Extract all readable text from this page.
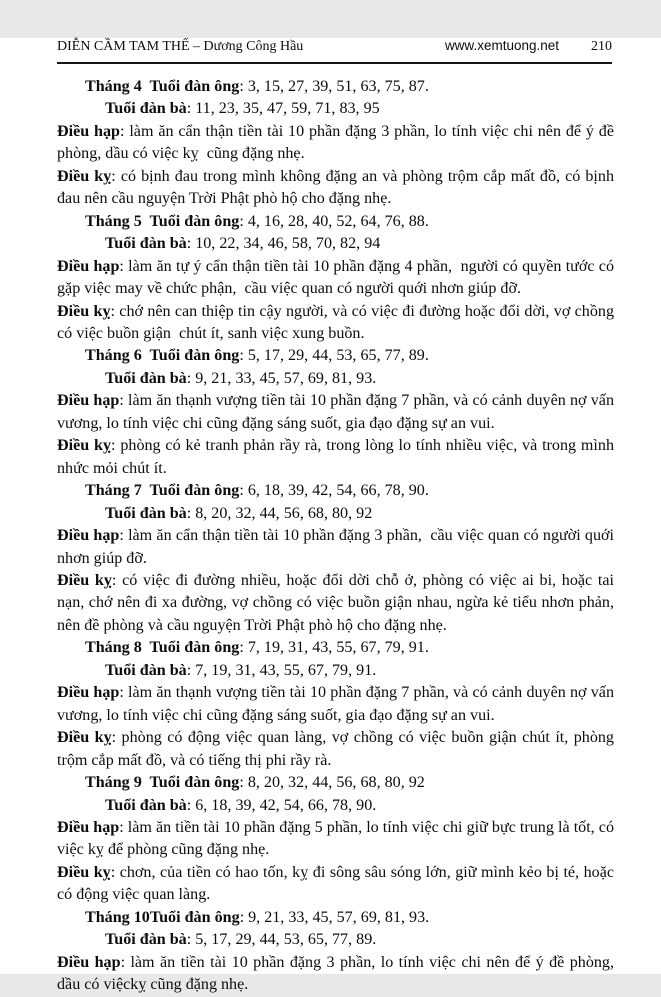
DIỄN CẦM TAM THẾ – Dương Công Hầu	www.xemtuong.net 210
Tháng 4  Tuổi đàn ông: 3, 15, 27, 39, 51, 63, 75, 87.
Tuổi đàn bà: 11, 23, 35, 47, 59, 71, 83, 95

Điều hạp: làm ăn cẩn thận tiền tài 10 phần đặng 3 phần, lo tính việc chi nên để ý đề phòng, dầu có việc kỵ  cũng đặng nhẹ.

Điều kỵ: có bịnh đau trong mình không đặng an và phòng trộm cắp mất đồ, có bịnh đau nên cầu nguyện Trời Phật phò hộ cho đặng nhẹ.

Tháng 5  Tuổi đàn ông: 4, 16, 28, 40, 52, 64, 76, 88.
Tuổi đàn bà: 10, 22, 34, 46, 58, 70, 82, 94

Điều hạp: làm ăn tự ý cẩn thận tiền tài 10 phần đặng 4 phần,  người có quyền tước có gặp việc may về chức phận,  cầu việc quan có người quới nhơn giúp đỡ.

Điều kỵ: chớ nên can thiệp tin cậy người, và có việc đi đường hoặc đổi dời, vợ chồng có việc buồn giận  chút ít, sanh việc xung buồn.

Tháng 6  Tuổi đàn ông: 5, 17, 29, 44, 53, 65, 77, 89.
Tuổi đàn bà: 9, 21, 33, 45, 57, 69, 81, 93.

Điều hạp: làm ăn thạnh vượng tiền tài 10 phần đặng 7 phần, và có cảnh duyên nợ vấn vương, lo tính việc chi cũng đặng sáng suốt, gia đạo đặng sự an vui.

Điều kỵ: phòng có kẻ tranh phản rầy rà, trong lòng lo tính nhiều việc, và trong mình nhức mỏi chút ít.

Tháng 7  Tuổi đàn ông: 6, 18, 39, 42, 54, 66, 78, 90.
Tuổi đàn bà: 8, 20, 32, 44, 56, 68, 80, 92

Điều hạp: làm ăn cẩn thận tiền tài 10 phần đặng 3 phần,  cầu việc quan có người quới nhơn giúp đỡ.

Điều kỵ: có việc đi đường nhiều, hoặc đổi dời chỗ ở, phòng có việc ai bi, hoặc tai nạn, chớ nên đi xa đường, vợ chồng có việc buồn giận nhau, ngừa kẻ tiểu nhơn phản, nên đề phòng và cầu nguyện Trời Phật phò hộ cho đặng nhẹ.

Tháng 8  Tuổi đàn ông: 7, 19, 31, 43, 55, 67, 79, 91.
Tuổi đàn bà: 7, 19, 31, 43, 55, 67, 79, 91.

Điều hạp: làm ăn thạnh vượng tiền tài 10 phần đặng 7 phần, và có cảnh duyên nợ vấn vương, lo tính việc chi cũng đặng sáng suốt, gia đạo đặng sự an vui.

Điều kỵ: phòng có động việc quan làng, vợ chồng có việc buồn giận chút ít, phòng trộm cắp mất đồ, và có tiếng thị phi rầy rà.

Tháng 9  Tuổi đàn ông: 8, 20, 32, 44, 56, 68, 80, 92
Tuổi đàn bà: 6, 18, 39, 42, 54, 66, 78, 90.

Điều hạp: làm ăn tiền tài 10 phần đặng 5 phần, lo tính việc chi giữ bực trung là tốt, có việc kỵ để phòng cũng đặng nhẹ.

Điều kỵ: chơn, của tiền có hao tốn, kỵ đi sông sâu sóng lớn, giữ mình kẻo bị té, hoặc có động việc quan làng.

Tháng 10Tuổi đàn ông: 9, 21, 33, 45, 57, 69, 81, 93.
Tuổi đàn bà: 5, 17, 29, 44, 53, 65, 77, 89.

Điều hạp: làm ăn tiền tài 10 phần đặng 3 phần, lo tính việc chi nên để ý đề phòng, dầu có việckỵ cũng đặng nhẹ.
